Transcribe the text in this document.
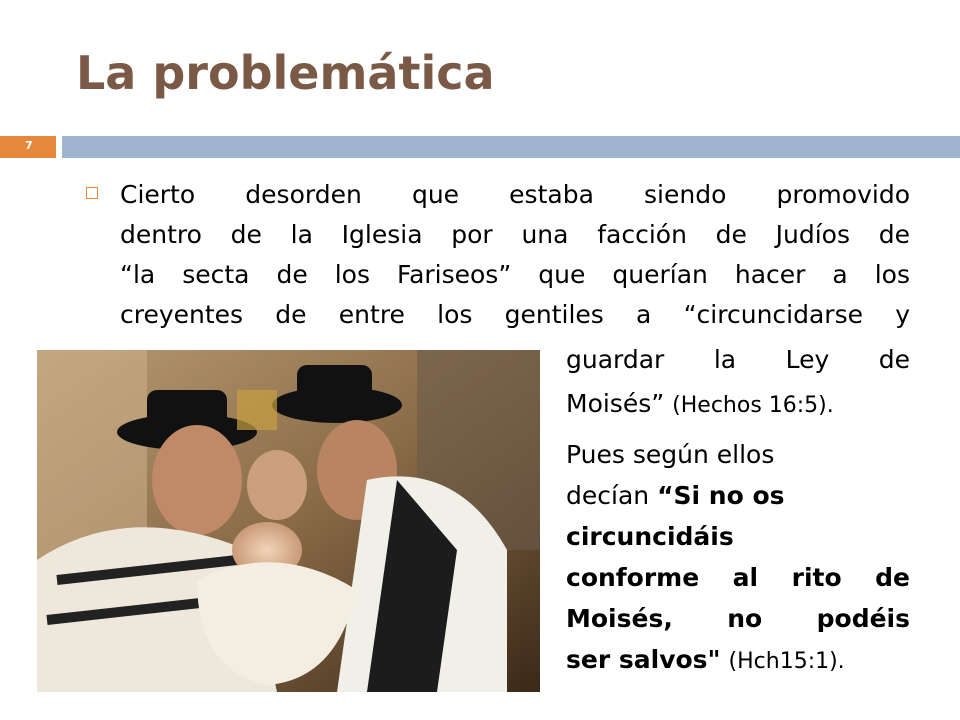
La problemática
7
Cierto desorden que estaba siendo promovido
dentro de la Iglesia por una facción de Judíos de
“la secta de los Fariseos” que querían hacer a los
creyentes de entre los gentiles a “circuncidarse y
guardar la Ley de
Moisés” (Hechos 16:5).
Pues según ellos
decían “Si no os
circuncidáis
conforme al rito de
Moisés, no podéis
ser salvos" (Hch15:1).
